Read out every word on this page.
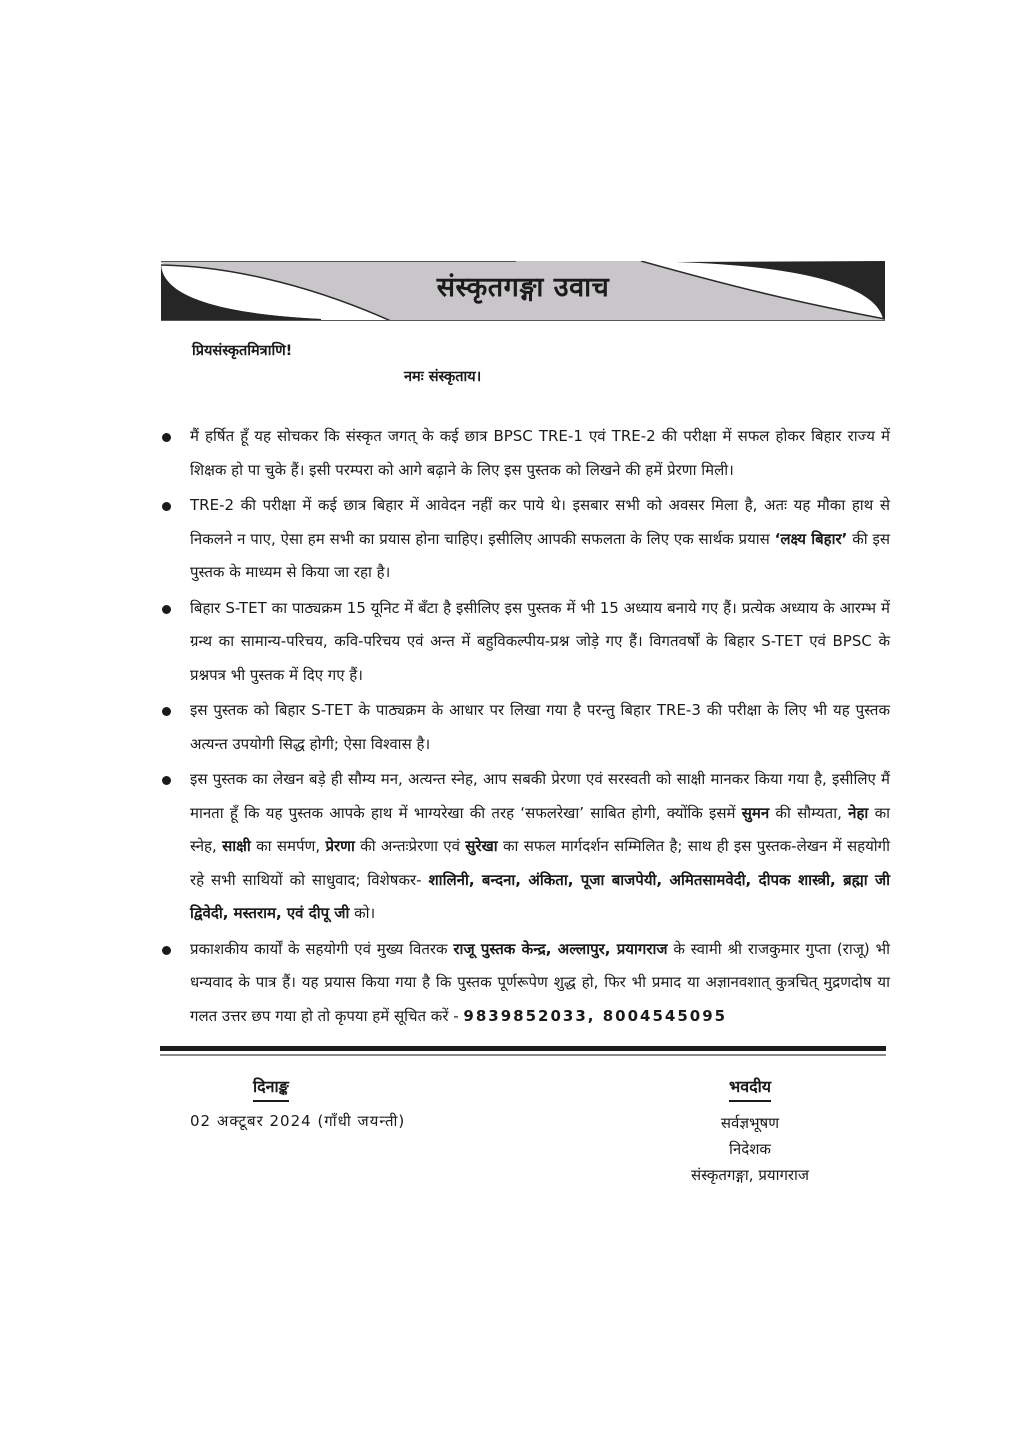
संस्कृतगङ्गा उवाच
प्रियसंस्कृतमित्राणि!
नमः संस्कृताय।
मैं हर्षित हूँ यह सोचकर कि संस्कृत जगत् के कई छात्र BPSC TRE-1 एवं TRE-2 की परीक्षा में सफल होकर बिहार राज्य में शिक्षक हो पा चुके हैं। इसी परम्परा को आगे बढ़ाने के लिए इस पुस्तक को लिखने की हमें प्रेरणा मिली।
TRE-2 की परीक्षा में कई छात्र बिहार में आवेदन नहीं कर पाये थे। इसबार सभी को अवसर मिला है, अतः यह मौका हाथ से निकलने न पाए, ऐसा हम सभी का प्रयास होना चाहिए। इसीलिए आपकी सफलता के लिए एक सार्थक प्रयास ‘लक्ष्य बिहार’ की इस पुस्तक के माध्यम से किया जा रहा है।
बिहार S-TET का पाठ्यक्रम 15 यूनिट में बँटा है इसीलिए इस पुस्तक में भी 15 अध्याय बनाये गए हैं। प्रत्येक अध्याय के आरम्भ में ग्रन्थ का सामान्य-परिचय, कवि-परिचय एवं अन्त में बहुविकल्पीय-प्रश्न जोड़े गए हैं। विगतवर्षों के बिहार S-TET एवं BPSC के प्रश्नपत्र भी पुस्तक में दिए गए हैं।
इस पुस्तक को बिहार S-TET के पाठ्यक्रम के आधार पर लिखा गया है परन्तु बिहार TRE-3 की परीक्षा के लिए भी यह पुस्तक अत्यन्त उपयोगी सिद्ध होगी; ऐसा विश्वास है।
इस पुस्तक का लेखन बड़े ही सौम्य मन, अत्यन्त स्नेह, आप सबकी प्रेरणा एवं सरस्वती को साक्षी मानकर किया गया है, इसीलिए मैं मानता हूँ कि यह पुस्तक आपके हाथ में भाग्यरेखा की तरह ‘सफलरेखा’ साबित होगी, क्योंकि इसमें सुमन की सौम्यता, नेहा का स्नेह, साक्षी का समर्पण, प्रेरणा की अन्तःप्रेरणा एवं सुरेखा का सफल मार्गदर्शन सम्मिलित है; साथ ही इस पुस्तक-लेखन में सहयोगी रहे सभी साथियों को साधुवाद; विशेषकर- शालिनी, बन्दना, अंकिता, पूजा बाजपेयी, अमितसामवेदी, दीपक शास्त्री, ब्रह्मा जी द्विवेदी, मस्तराम, एवं दीपू जी को।
प्रकाशकीय कार्यों के सहयोगी एवं मुख्य वितरक राजू पुस्तक केन्द्र, अल्लापुर, प्रयागराज के स्वामी श्री राजकुमार गुप्ता (राजू) भी धन्यवाद के पात्र हैं। यह प्रयास किया गया है कि पुस्तक पूर्णरूपेण शुद्ध हो, फिर भी प्रमाद या अज्ञानवशात् कुत्रचित् मुद्रणदोष या गलत उत्तर छप गया हो तो कृपया हमें सूचित करें - 9839852033, 8004545095
दिनाङ्क
02 अक्टूबर 2024 (गाँधी जयन्ती)
भवदीय
सर्वज्ञभूषण
निदेशक
संस्कृतगङ्गा, प्रयागराज
